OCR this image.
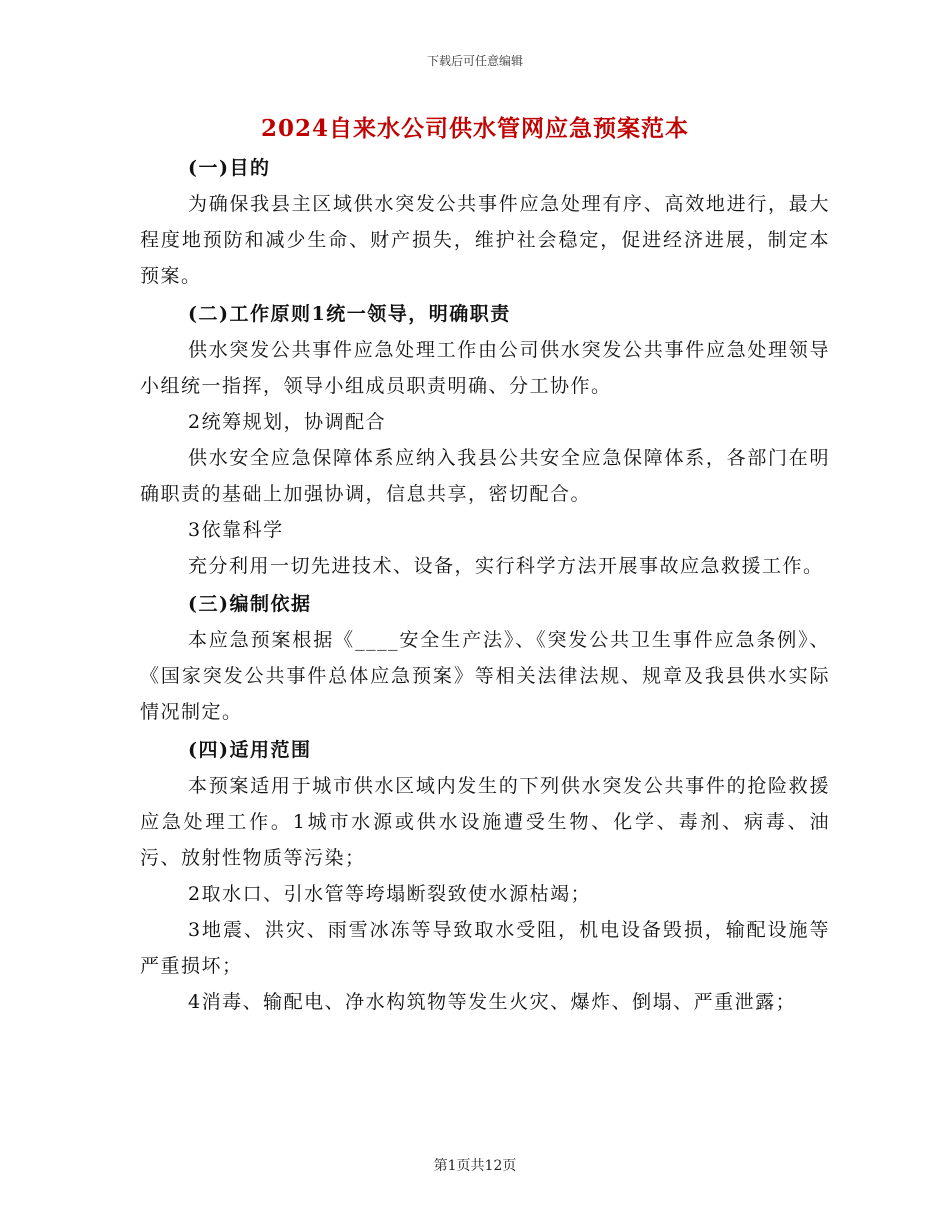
下载后可任意编辑
2024自来水公司供水管网应急预案范本

(一)目的

为确保我县主区域供水突发公共事件应急处理有序、高效地进行，最大程度地预防和减少生命、财产损失，维护社会稳定，促进经济进展，制定本预案。

(二)工作原则1统一领导，明确职责

供水突发公共事件应急处理工作由公司供水突发公共事件应急处理领导小组统一指挥，领导小组成员职责明确、分工协作。

2统筹规划，协调配合

供水安全应急保障体系应纳入我县公共安全应急保障体系，各部门在明确职责的基础上加强协调，信息共享，密切配合。

3依靠科学

充分利用一切先进技术、设备，实行科学方法开展事故应急救援工作。

(三)编制依据

本应急预案根据《____安全生产法》、《突发公共卫生事件应急条例》、《国家突发公共事件总体应急预案》等相关法律法规、规章及我县供水实际情况制定。

(四)适用范围

本预案适用于城市供水区域内发生的下列供水突发公共事件的抢险救援应急处理工作。1城市水源或供水设施遭受生物、化学、毒剂、病毒、油污、放射性物质等污染；

2取水口、引水管等垮塌断裂致使水源枯竭；

3地震、洪灾、雨雪冰冻等导致取水受阻，机电设备毁损，输配设施等严重损坏；

4消毒、输配电、净水构筑物等发生火灾、爆炸、倒塌、严重泄露；

第1页共12页
